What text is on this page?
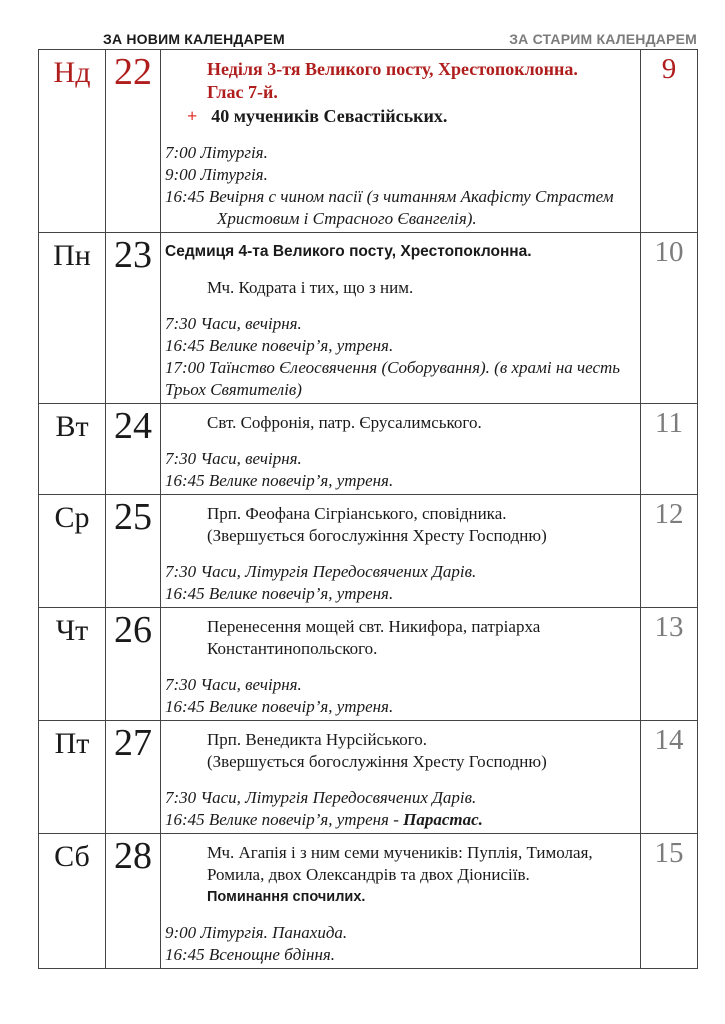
ЗА НОВИМ КАЛЕНДАРЕМ	ЗА СТАРИМ КАЛЕНДАРЕМ
Нд	22	Неділя 3-тя Великого посту, Хрестопоклонна.
Глас 7-й.
+ 40 мучеників Севастійських.
7:00 Літургія.
9:00 Літургія.
16:45 Вечірня с чином пасії (з читанням Акафісту Страстем
Христовим і Страсного Євангелія).
	9
Пн	23	Седмиця 4-та Великого посту, Хрестопоклонна.
Мч. Кодрата і тих, що з ним.
7:30 Часи, вечірня.
16:45 Велике повечір’я, утреня.
17:00 Таїнство Єлеосвячення (Соборування). (в храмі на честь
Трьох Святителів)
	10
Вт	24	Свт. Софронія, патр. Єрусалимського.
7:30 Часи, вечірня.
16:45 Велике повечір’я, утреня.	11
Ср	25	Прп. Феофана Сігріанського, сповідника.
(Звершується богослужіння Хресту Господню)
7:30 Часи, Літургія Передосвячених Дарів.
16:45 Велике повечір’я, утреня.	12
Чт	26	Перенесення мощей свт. Никифора, патріарха
Константинопольского.
7:30 Часи, вечірня.
16:45 Велике повечір’я, утреня.	13
Пт	27	Прп. Венедикта Нурсійського.
(Звершується богослужіння Хресту Господню)
7:30 Часи, Літургія Передосвячених Дарів.
16:45 Велике повечір’я, утреня - Парастас.	14
Сб	28	Мч. Агапія і з ним семи мучеників: Пуплія, Тимолая,
Ромила, двох Олександрів та двох Діонисіїв.
Поминання спочилих.
9:00 Літургія. Панахида.
16:45 Всенощне бдіння.	15
